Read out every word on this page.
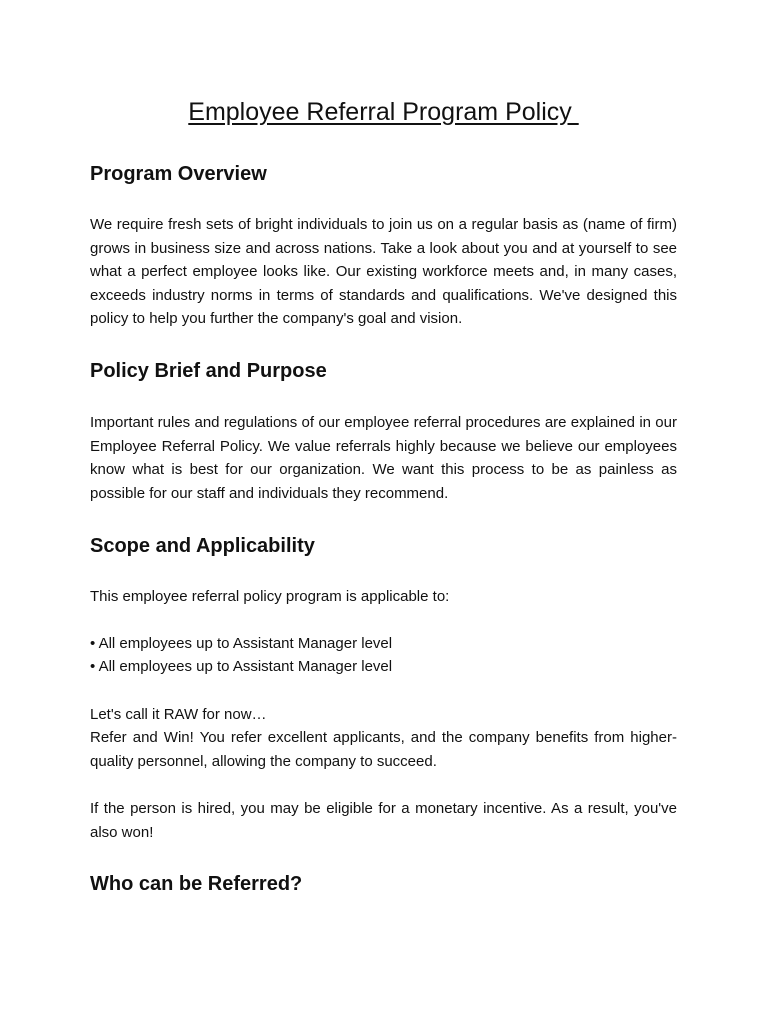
Employee Referral Program Policy
Program Overview

We require fresh sets of bright individuals to join us on a regular basis as (name of firm) grows in business size and across nations. Take a look about you and at yourself to see what a perfect employee looks like. Our existing workforce meets and, in many cases, exceeds industry norms in terms of standards and qualifications. We've designed this policy to help you further the company's goal and vision.

Policy Brief and Purpose

Important rules and regulations of our employee referral procedures are explained in our Employee Referral Policy. We value referrals highly because we believe our employees know what is best for our organization. We want this process to be as painless as possible for our staff and individuals they recommend.

Scope and Applicability
This employee referral policy program is applicable to:
• All employees up to Assistant Manager level
• All employees up to Assistant Manager level
Let's call it RAW for now…

Refer and Win! You refer excellent applicants, and the company benefits from higher-quality personnel, allowing the company to succeed.

If the person is hired, you may be eligible for a monetary incentive. As a result, you've also won!

Who can be Referred?
